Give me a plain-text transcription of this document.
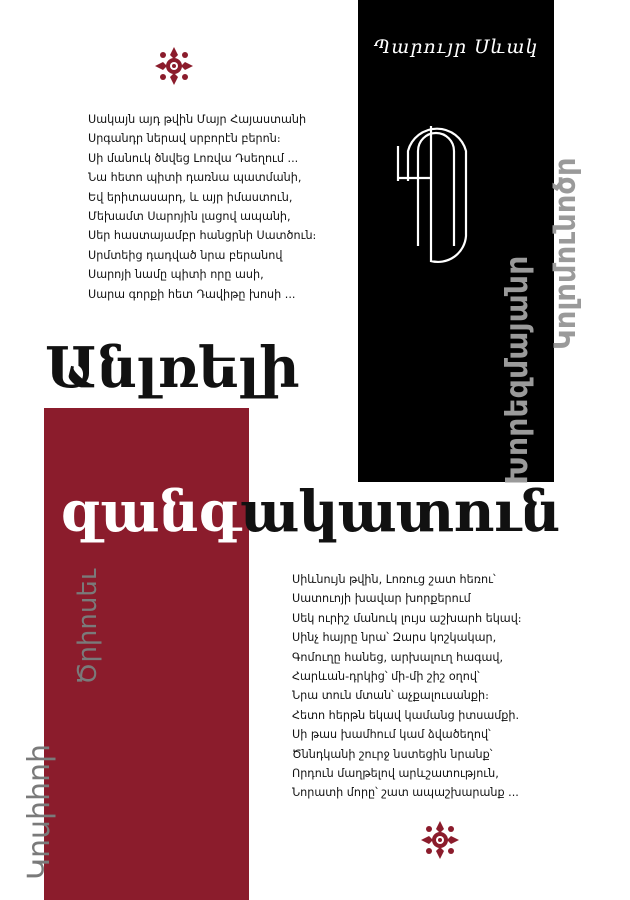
Պարույր Սևակ
Խորեզմայանր
Կոլոմունոծր
Ծրիոսեւ
Կոսիհոի
Սակայն այդ թվին Մայր Հայաստանի
Սրգանդր ներավ սրբորէն բերոն։
Սի մանուկ ծնվեց Լոռվա Դսեղում ...
Նա հետո պիտի դառնա պատմանի,
Եվ երիտասարդ, և այր իմաստուն,
Մեխամտ Սարոյին լացով ապանի,
Սեր հաստայամբր հանցրնի Սատծուն։
Սրմտեից դադված նրա բերանով
Սարոյի նամը պիտի որը ասի,
Սարա գորքի հետ Դավիթը խոսի ...
Անլռելի
զանգակատուն
Սիևնույն թվին, Լոռուց շատ հեռու՝
Սատուոյի խավար խորքերում
Սեկ ուրիշ մանուկ լույս աշխարհ եկավ։
Սինչ հայրը նրա՝ Զարս կոշկակար,
Գոմուղը հանեց, արխալուղ հագավ,
Հարևան-դրկից՝ մի-մի շիշ օղով՝
Նրա տուն մտան՝ աչքալուսանքի։
Հետո հերթն եկավ կամանց իտսամքի.
Սի թաս խամհում կամ ձվածեղով՝
Ծննդկանի շուրջ նստեցին նրանք՝
Որդուն մաղթելով արևշատություն,
Նորատի մորը՝ շատ ապաշխարանք ...
